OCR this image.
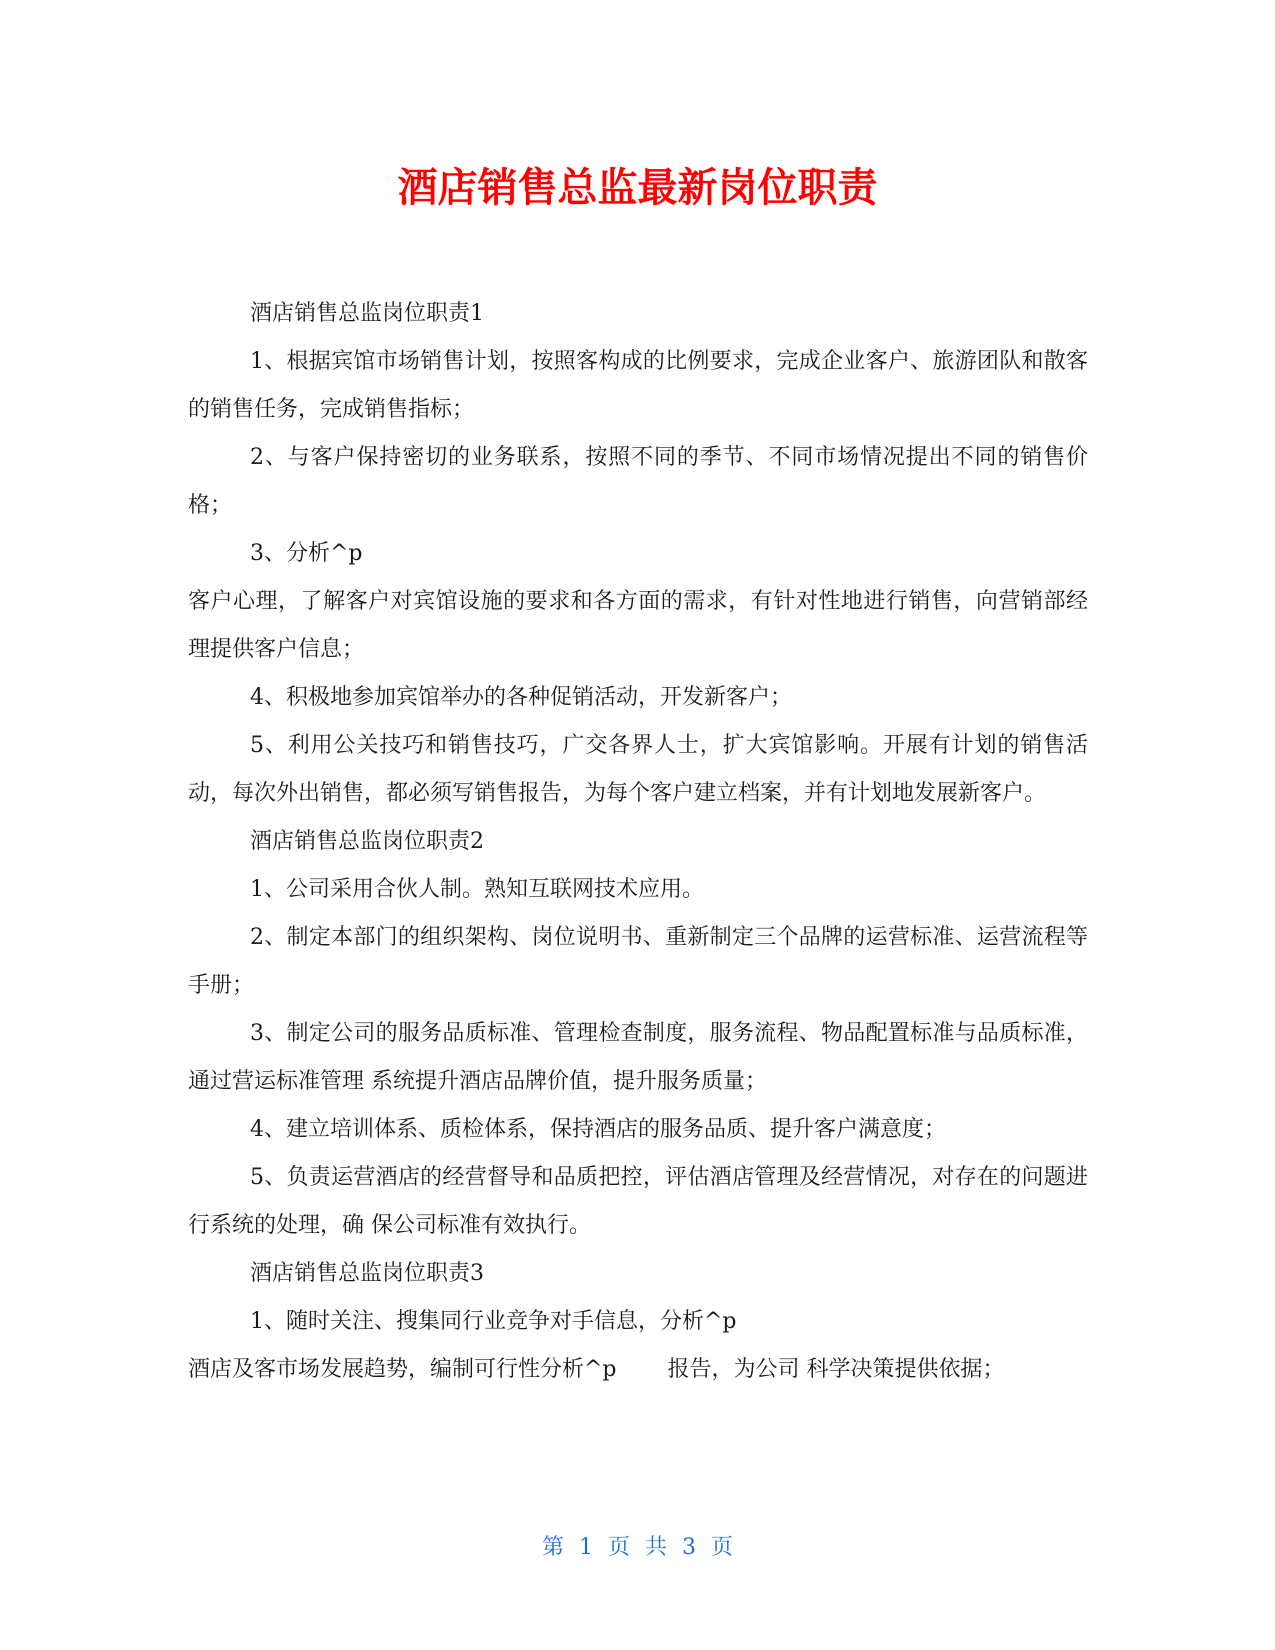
酒店销售总监最新岗位职责

酒店销售总监岗位职责1

1、根据宾馆市场销售计划，按照客构成的比例要求，完成企业客户、旅游团队和散客的销售任务，完成销售指标；

2、与客户保持密切的业务联系，按照不同的季节、不同市场情况提出不同的销售价格；

3、分析^p

客户心理，了解客户对宾馆设施的要求和各方面的需求，有针对性地进行销售，向营销部经理提供客户信息；

4、积极地参加宾馆举办的各种促销活动，开发新客户；

5、利用公关技巧和销售技巧，广交各界人士，扩大宾馆影响。开展有计划的销售活动，每次外出销售，都必须写销售报告，为每个客户建立档案，并有计划地发展新客户。

酒店销售总监岗位职责2

1、公司采用合伙人制。熟知互联网技术应用。

2、制定本部门的组织架构、岗位说明书、重新制定三个品牌的运营标准、运营流程等手册；

3、制定公司的服务品质标准、管理检查制度，服务流程、物品配置标准与品质标准，通过营运标准管理 系统提升酒店品牌价值，提升服务质量；

4、建立培训体系、质检体系，保持酒店的服务品质、提升客户满意度；

5、负责运营酒店的经营督导和品质把控，评估酒店管理及经营情况，对存在的问题进行系统的处理，确 保公司标准有效执行。

酒店销售总监岗位职责3

1、随时关注、搜集同行业竞争对手信息，分析^p

酒店及客市场发展趋势，编制可行性分析^p 　　报告，为公司 科学决策提供依据；

第 1 页 共 3 页
